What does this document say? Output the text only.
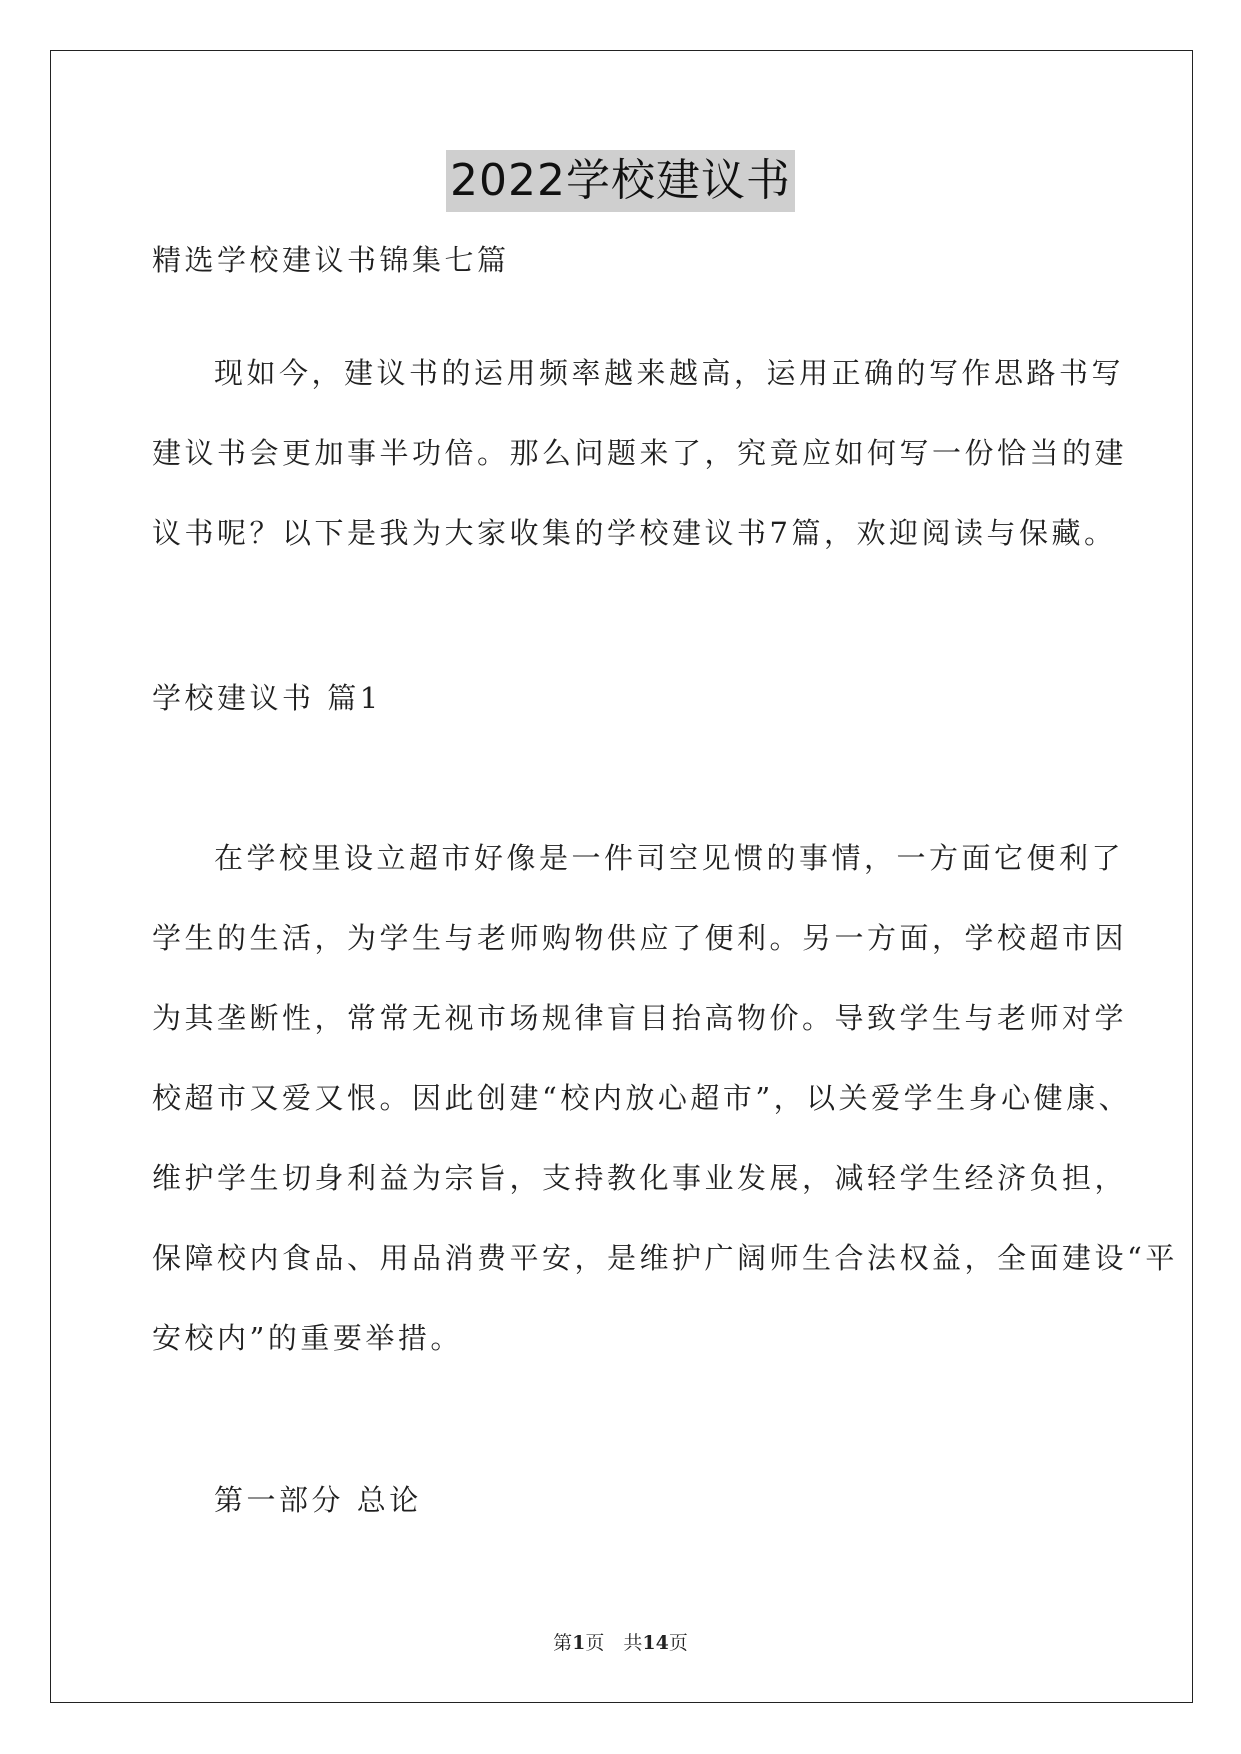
2022学校建议书
精选学校建议书锦集七篇
现如今，建议书的运用频率越来越高，运用正确的写作思路书写
建议书会更加事半功倍。那么问题来了，究竟应如何写一份恰当的建
议书呢？以下是我为大家收集的学校建议书7篇，欢迎阅读与保藏。
学校建议书 篇1
在学校里设立超市好像是一件司空见惯的事情，一方面它便利了
学生的生活，为学生与老师购物供应了便利。另一方面，学校超市因
为其垄断性，常常无视市场规律盲目抬高物价。导致学生与老师对学
校超市又爱又恨。因此创建“校内放心超市”，以关爱学生身心健康、
维护学生切身利益为宗旨，支持教化事业发展，减轻学生经济负担，
保障校内食品、用品消费平安，是维护广阔师生合法权益，全面建设“平
安校内”的重要举措。
第一部分 总论
第1页　共14页
